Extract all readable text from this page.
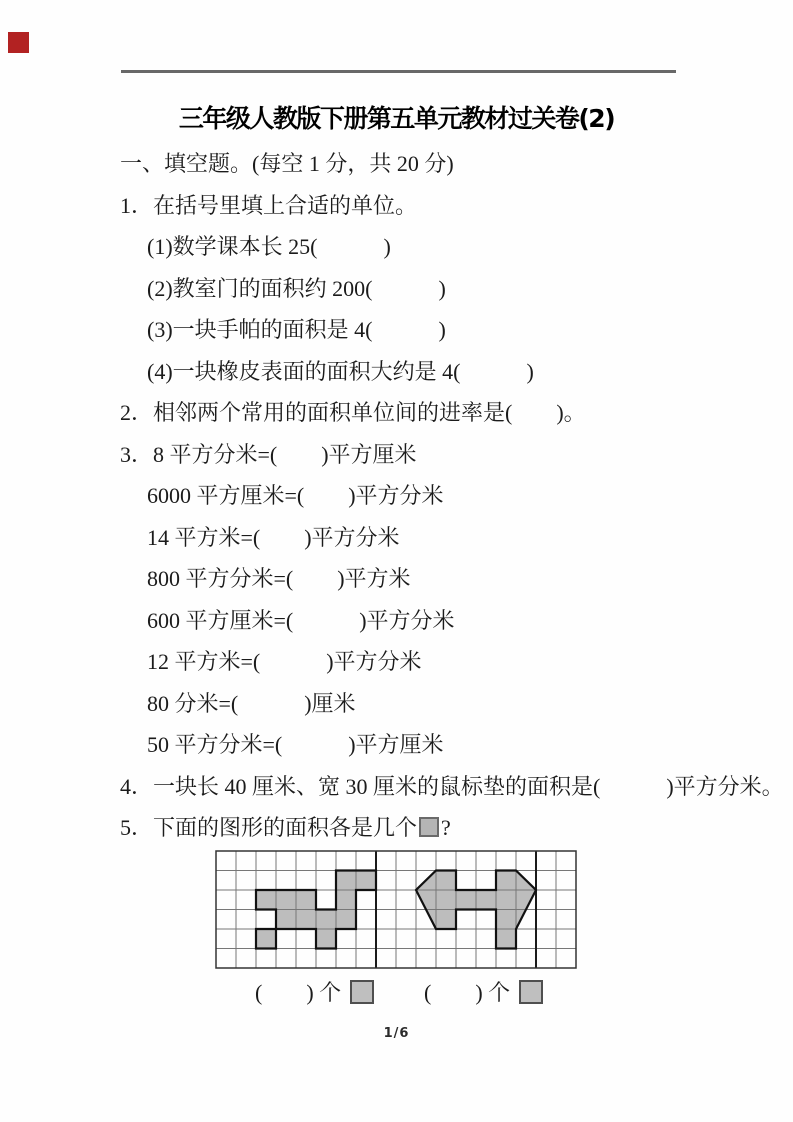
三年级人教版下册第五单元教材过关卷(2)
一、填空题。(每空 1 分，共 20 分)
1．在括号里填上合适的单位。
(1)数学课本长 25(　　　)
(2)教室门的面积约 200(　　　)
(3)一块手帕的面积是 4(　　　)
(4)一块橡皮表面的面积大约是 4(　　　)
2．相邻两个常用的面积单位间的进率是(　　)。
3．8 平方分米=(　　)平方厘米
6000 平方厘米=(　　)平方分米
14 平方米=(　　)平方分米
800 平方分米=(　　)平方米
600 平方厘米=(　　　)平方分米
12 平方米=(　　　)平方分米
80 分米=(　　　)厘米
50 平方分米=(　　　)平方厘米
4．一块长 40 厘米、宽 30 厘米的鼠标垫的面积是(　　　)平方分米。
5．下面的图形的面积各是几个 ?
(　　) 个	(　　) 个
1/6
